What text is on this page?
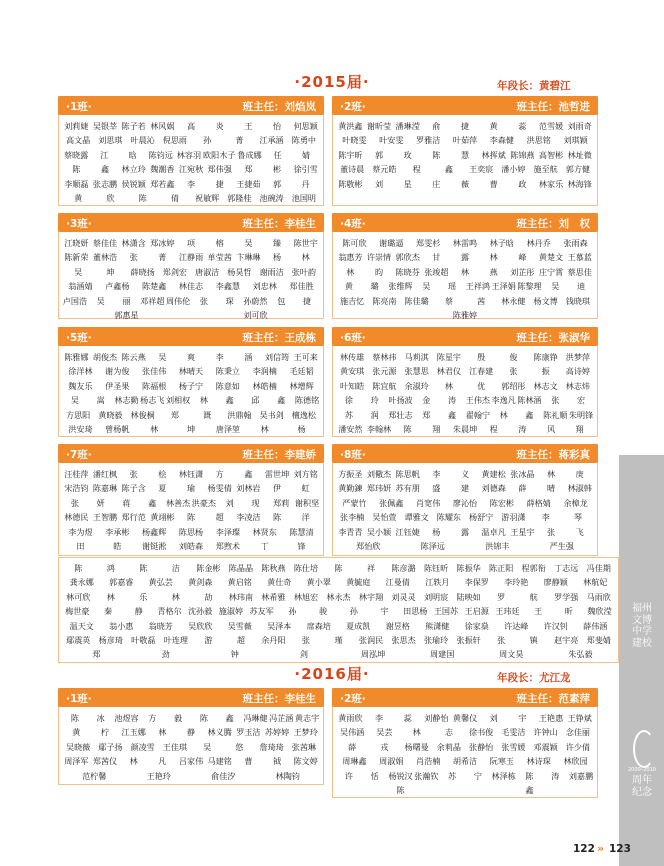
·2015届·	年段长：黄碧江
·1班·	班主任：刘焰岚
刘莉婕 吴银莘 陈子若 林风娲	高	炎	王	怡	何思颖
高文晶 刘思琪 叶晨沁 倪思雨	孙	菁	江承涵 陈勇中
蔡晓露	江	晗	陈钧远 林容羽 欧阳木子 鲁成娜	任	婧
陈	鑫	林立玲 魏潮香 江宛秋 郑伟强	郑	彬	徐引雪
李顺磊 张志鹏 侯锐颖 郑若鑫	李	捷	王捷茹	郭	丹
黄	欣	陈	倩	祝敏辉 郭隆桂 池碗涛 池国明
·2班·	班主任：池哲进
黄洪鑫 谢昕莹 潘琳滢	俞	捷	黄	蕊	范雪媛 刘雨奇
叶晓雯	叶安雯	罗雅洁	叶茹萍	李森健	洪思铭	刘琪颖
陈宇昕	郭	玫	陈	慧	林挥斌 陈锦燕 高智彬 林址微
董诗晨 蔡元皓	程	鑫	王奕宸 潘小婷 施至航 郭方健
陈敬彬	刘	星	庄	薇	曹	政	林家乐 林海锋
·3班·	班主任：李桂生
江晓妍 蔡佳佳 林潇含 郑冰婷	项	榕	吴	臻	陈世宇
陈新荣 董林浩	张	菁	江静雨 单莹茜 卞琳琳	杨	林
吴	坤	薛晓扬 郑剑宏 唐淑洁 杨昊哲 谢雨洁 张叶韵
翁涵婧	卢鑫杨	陈楚鑫	林佳志	李鑫慧	刘忠林	郑佳胜
卢国浩	吴	丽	邓祥超 周伟伦	张	琛	孙蔚然	包	捷
郭惠星	刘可欣
·4班·	班主任：刘　权
陈可欣	谢璐逼	郑雯杉	林雷鸣	林子晗	林丹乔	张雨森
翁惠芳 许崇情 郭欣杰	甘	露	林	峰	黄楚文 王慕蓝
林	昀	陈晓芬 张竣超	林	燕	刘芷彤 庄宁霄 蔡思佳
黄	璐	张维辉	吴	瑶	王祥鸿 王泽娟 陈黎理	吴	迪
施吉忆 陈亮南 陈佳璐	蔡	茜	林永健 杨文博 钱晓琪
陈雅婷
·5班·	班主任：王成栋
陈雅娜 胡俊杰 陈云燕	吴	爽	李	涵	刘信筠 王可来
徐洋林	谢为俊	张佳伟	林晴天	陈秉立	李润楠	毛廷韬
魏友乐	伊圣果	陈福根	杨子宁	陈意如	林皓楠	林增辉
吴	嵩	林志勤 杨志飞 刘相权	林	鑫	邱	鑫	陈德铭
方思阳 黄晓毅 林俊桐	郑	溉	洪鼎翰 吴书剑 檀逸松
洪安琦	曾杨帆	林	坤	唐泽堃	林	杨
·6班·	班主任：张淑华
林传雄 蔡林祎 马莉淇 陈星宇	殷	俊	陈康铮 洪梦萍
黄安琪 张元源 张慧思 林君仪 江春建	张	振	高诗婷
叶知皓 陈宜航 余淑玲	林	优	郭绍彤 林志文 林志炜
徐	玲	叶扬波	金	涛	王伟杰 李逸凡 陈林涵	张	宏
苏	润	郑壮志	郑	鑫	翟翰宁	林	鑫	陈礼顺 朱明锋
潘安然 李翰林	陈	翔	朱晨坤	程	涛	风	翔
·7班·	班主任：李建娇
汪桂萍 潘红枫	张	桧	林钰潇	方	鑫	雷世坤 刘方铭
宋浩钧 陈嘉琳 陈子含	夏	瑜	杨雯倩 刘林岩	伊	虹
张	妍	蒋	鑫	林善杰 洪豪杰	刘	现	郑莉 谢积坚
林德民 王智鹏 郑行范 黄翊彬	陈	超	李凌洁	陈	洋
李为煜	李承彬	杨鑫辉	陈思杨	李泽璨	林贤东	陈慧清
田	皓	谢铤淞	刘皓森	郑煦术	丁	锋
·8班·	班主任：蒋彩真
方振圣 刘儆杰 陈思帆	李	义	黄建松 张冰晶	林	庚
黄勤鍊 郑玮妍 苏有朋	盛	建	刘德森	薛	晴	林淑韩
严蒙竹	张佩鑫	肖宽伟	廖沁怡	陈宏彬	薛格婧	余樟龙
张李楠 吴怡萱 谭雅文 陈耀东 杨舒宁 游羽潇	李	琴
李青青 吴小颖 江钰婕	杨	露	温卓凡 王星宇	张	飞
郑怡欣	陈泽远	洪锦丰	严生强
陈	鸿	陈	洁	陈金彬	陈晶晶	陈秋燕	陈仕培	陈	祥	陈彦潞	陈钰昕	陈振华	陈正阳	程郭衔	丁志远	冯佳期
龚永娜	郭嘉睿	黄弘芸	黄剑森	黄启铭	黄仕奇	黄小翠	黄毓庭	江曼倩	江轶月	李保罗	李玲艳	廖静颖	林航妃
林可欣	林	乐	林	劼	林玮南	林希雅	林旭宏	林永杰	林宇翔	刘灵灵	刘明宸	陆映如	罗	航	罗学强	马雨欣
梅世豪	秦	静	青格尔 沈孙毅 施淑婷 苏友军	孙	骏	孙	宇	田思杨 王国苏 王启源 王玮廷	王	昕	魏欣滢
温天文	翁小惠	翁晓芳	吴欣欣	吴雪薇	吴泽本	席森培	夏成凯	谢昱格	熊潇健	徐家燊	许达峰	许汉钊	薛伟涵
鄢震英	杨彦琦	叶敬磊	叶连理	游	超	余丹阳	张	瑾	张润民	张思杰	张瑜玲	张振轩	张	镇	赵宇亮	郑斐婧
郑	劲	钟	剑	周泓坤	周建国	周文昊	朱弘毅
·2016届·	年段长：尤江龙
·1班·	班主任：李桂生
陈	冰	池煜容	方	毅	陈	鑫	冯琳健 冯芷涵 黄志宇
黄	柠	江玉娜	林	静	林义腾 罗玉洁 苏婷婷 王梦玲
吴晓薇 鄢子扬 颜凌雪 王佳琪	吴	悠	詹琦琦 张茜琳
周泽军 郑茜仪	林	凡	吕家伟 马建铭	曹	钺	陈文婷
范柠馨	王艳玲	俞佳汐	林陶钧
·2班·	班主任：范素萍
黄雨欣	李	蕊	刘静怡 黄馨仪	刘	宇	王艳惠 王铮斌
吴伟涵	吴芸	林	志	徐书俊 毛雯洁 许钟山 念佳丽
薛	戎	杨曙曼 余莉晶 张静怡 张雪媛 邓震颖 许少倩
周琳鑫	周淑娟	肖浩楠	胡希洁	阮寒玉	林诗琛	林欣园
许	恬	杨锐汉 张瀚钦	苏	宁	林泽栋	陈	涛	刘嘉鹏
陈	鑫
福州文博中学建校
2000–2010
周年纪念
122 » 123
